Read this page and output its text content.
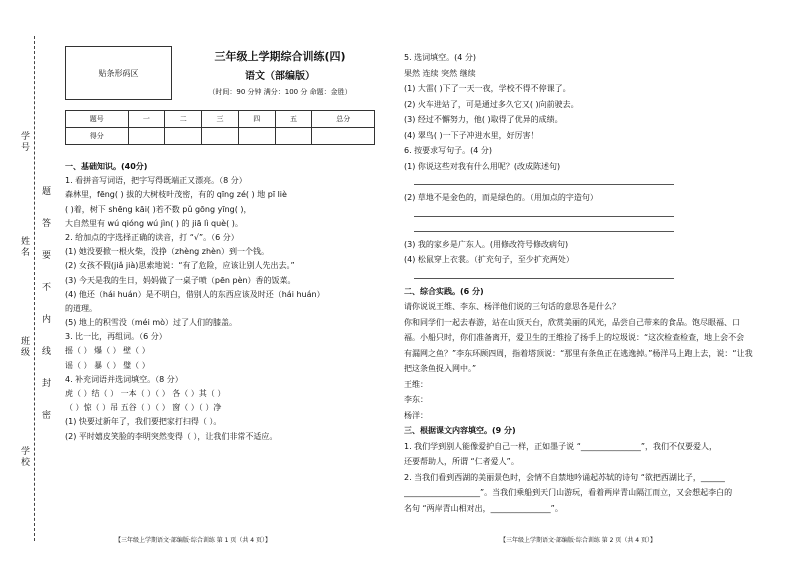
学号
姓名
班级
学校
题
答
要
不
内
线
封
密
贴条形码区
三年级上学期综合训练(四)
语文（部编版）
（时间：90 分钟 满分：100 分 命题：金胜）
题号	一	二	三	四	五	总分
得分						
一、基础知识。(40分)
1. 看拼音写词语，把字写得既端正又漂亮。（8 分）
森林里，fēng( ) 拔的大树枝叶茂密，有的 qīng zé( ) 地 pī liè
( )着，树下 shēng kāi( )若不数 pǔ gōng yīng( )，
大自然里有 wú qióng wú jìn( ) 的 jiā lì què( )。
2. 给加点的字选择正确的读音，打 “√”。（6 分）
(1) 她没要掀一根火柴，没挣（zhèng zhèn）到一个钱。
(2) 女孩不假(jiǎ jià)思索地说：“有了危险，应该让别人先出去。”
(3) 今天是我的生日，妈妈做了一桌子喷（pēn pèn）香的饭菜。
(4) 他还（hái huán）是不明白，借别人的东西应该及时还（hái huán）
的道理。
(5) 地上的积雪没（méi mò）过了人们的膝盖。
3. 比一比，再组词。（6 分）
摇（ ） 爆（ ） 壁（ ）
谣（ ） 暴（ ） 璧（ ）
4. 补充词语并选词填空。（8 分）
虎（ ）结（ ） 一本（ ）（ ） 各（ ）其（ ）
（ ）惊（ ）吊 五谷（ ）（ ） 窗（ ）（ ）净
(1) 快要过新年了，我们要把家打扫得（ ）。
(2) 平时嬉皮笑脸的李明突然变得（ ），让我们非常不适应。
5. 选词填空。(4 分)
果然 连续 突然 继续
(1) 大雷( )下了一天一夜，学校不得不停课了。
(2) 火车进站了，可是通过多久它又( )向前驶去。
(3) 经过不懈努力，他( )取得了优异的成绩。
(4) 翠鸟( )一下子冲进水里，好厉害！
6. 按要求写句子。(4 分)
(1) 你说这些对我有什么用呢？(改成陈述句)
(2) 草地不是金色的，而是绿色的。（用加点的字造句）
(3) 我的家乡是广东人。(用修改符号修改病句)
(4) 松鼠穿上衣裳。（扩充句子，至少扩充两处）
二、综合实践。(6 分)
请你说说王维、李东、杨洋他们说的三句话的意思各是什么？
你和同学们一起去春游，站在山顶天台，欣赏美丽的风光，品尝自己带来的食品。饱尽眼福、口
福。小船只时，你们准备离开，爱卫生的王维捡了扬手上的垃圾说：“这次检查检查，地上会不会
有漏网之鱼？”李东环顾四周，指着塔顶说：“那里有条鱼正在逃逸掉。”杨洋马上跑上去，说：“让我
把这条鱼捉入网中。”
王维：
李东：
杨洋：
三、根据课文内容填空。(9 分)
1. 我们学到别人能像爱护自己一样，正如墨子说 “_______________”，我们不仅要爱人，
还要帮助人，所谓 “仁者爱人”。
2. 当我们看到西湖的美丽景色时，会情不自禁地吟诵起苏轼的诗句 “欲把西湖比子，______
___________________”。当我们乘船到天门山游玩，看着两岸青山隔江而立，又会想起李白的
名句 “两岸青山相对出，_______________”。
【三年级上学期语文·部编版·综合训练 第 1 页（共 4 页）】	【三年级上学期语文·部编版·综合训练 第 2 页（共 4 页）】
